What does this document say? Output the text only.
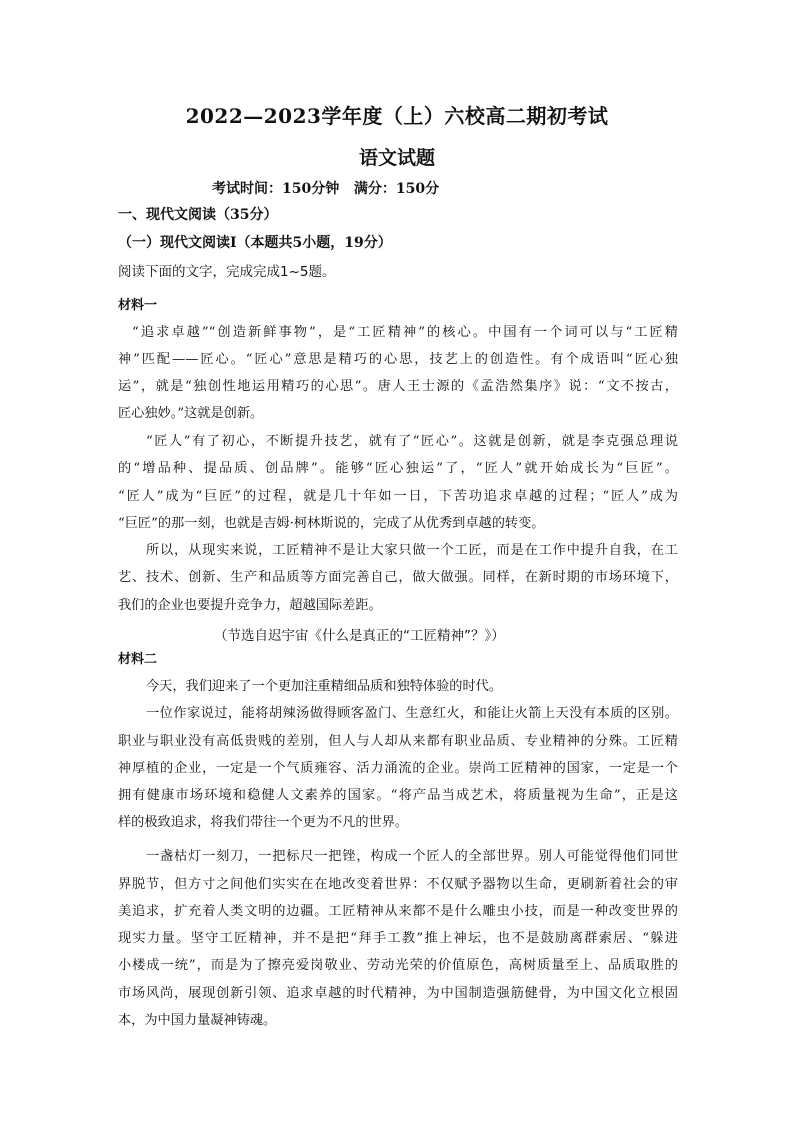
2022—2023学年度（上）六校高二期初考试
语文试题
考试时间：150分钟   满分：150分
一、现代文阅读（35分）
（一）现代文阅读Ⅰ（本题共5小题，19分）
阅读下面的文字，完成完成1~5题。
材料一
“追求卓越”“创造新鲜事物”，是“工匠精神”的核心。中国有一个词可以与“工匠精
神”匹配——匠心。“匠心”意思是精巧的心思，技艺上的创造性。有个成语叫“匠心独
运”，就是“独创性地运用精巧的心思”。唐人王士源的《孟浩然集序》说：“文不按古，
匠心独妙。”这就是创新。
“匠人”有了初心，不断提升技艺，就有了“匠心”。这就是创新，就是李克强总理说
的“增品种、提品质、创品牌”。能够“匠心独运”了，“匠人”就开始成长为“巨匠”。
“匠人”成为“巨匠”的过程，就是几十年如一日，下苦功追求卓越的过程；“匠人”成为
“巨匠”的那一刻，也就是吉姆·柯林斯说的，完成了从优秀到卓越的转变。
所以，从现实来说，工匠精神不是让大家只做一个工匠，而是在工作中提升自我，在工
艺、技术、创新、生产和品质等方面完善自己，做大做强。同样，在新时期的市场环境下，
我们的企业也要提升竞争力，超越国际差距。
（节选自迟宇宙《什么是真正的“工匠精神”？》）
材料二
今天，我们迎来了一个更加注重精细品质和独特体验的时代。
一位作家说过，能将胡辣汤做得顾客盈门、生意红火，和能让火箭上天没有本质的区别。
职业与职业没有高低贵贱的差别，但人与人却从来都有职业品质、专业精神的分殊。工匠精
神厚植的企业，一定是一个气质雍容、活力涌流的企业。崇尚工匠精神的国家，一定是一个
拥有健康市场环境和稳健人文素养的国家。“将产品当成艺术，将质量视为生命”，正是这
样的极致追求，将我们带往一个更为不凡的世界。
一盏枯灯一刻刀，一把标尺一把锉，构成一个匠人的全部世界。别人可能觉得他们同世
界脱节，但方寸之间他们实实在在地改变着世界：不仅赋予器物以生命，更刷新着社会的审
美追求，扩充着人类文明的边疆。工匠精神从来都不是什么雕虫小技，而是一种改变世界的
现实力量。坚守工匠精神，并不是把“拜手工教”推上神坛，也不是鼓励离群索居、“躲进
小楼成一统”，而是为了擦亮爱岗敬业、劳动光荣的价值原色，高树质量至上、品质取胜的
市场风尚，展现创新引领、追求卓越的时代精神，为中国制造强筋健骨，为中国文化立根固
本，为中国力量凝神铸魂。
